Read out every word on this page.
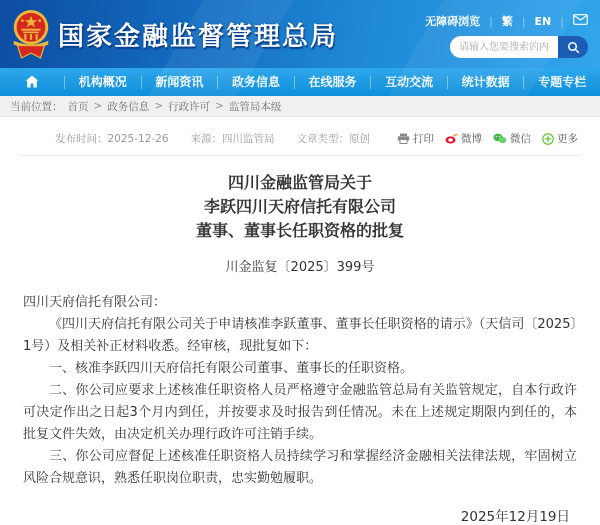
国家金融监督管理总局
无障碍浏览 | 繁 | EN |
请输入您要搜索的内容...
机构概况	新闻资讯	政务信息	在线服务	互动交流	统计数据	专题专栏
当前位置： 首页 > 政务信息 > 行政许可 > 监管局本级
发布时间：2025-12-26 来源：四川监管局 文章类型：原创	打印	微博	微信 更多
四川金融监管局关于
李跃四川天府信托有限公司
董事、董事长任职资格的批复
川金监复〔2025〕399号

四川天府信托有限公司：

《四川天府信托有限公司关于申请核准李跃董事、董事长任职资格的请示》（天信司〔2025〕1号）及相关补正材料收悉。经审核，现批复如下：

一、核准李跃四川天府信托有限公司董事、董事长的任职资格。

二、你公司应要求上述核准任职资格人员严格遵守金融监管总局有关监管规定，自本行政许可决定作出之日起3个月内到任，并按要求及时报告到任情况。未在上述规定期限内到任的，本批复文件失效，由决定机关办理行政许可注销手续。

三、你公司应督促上述核准任职资格人员持续学习和掌握经济金融相关法律法规，牢固树立风险合规意识，熟悉任职岗位职责，忠实勤勉履职。

2025年12月19日
